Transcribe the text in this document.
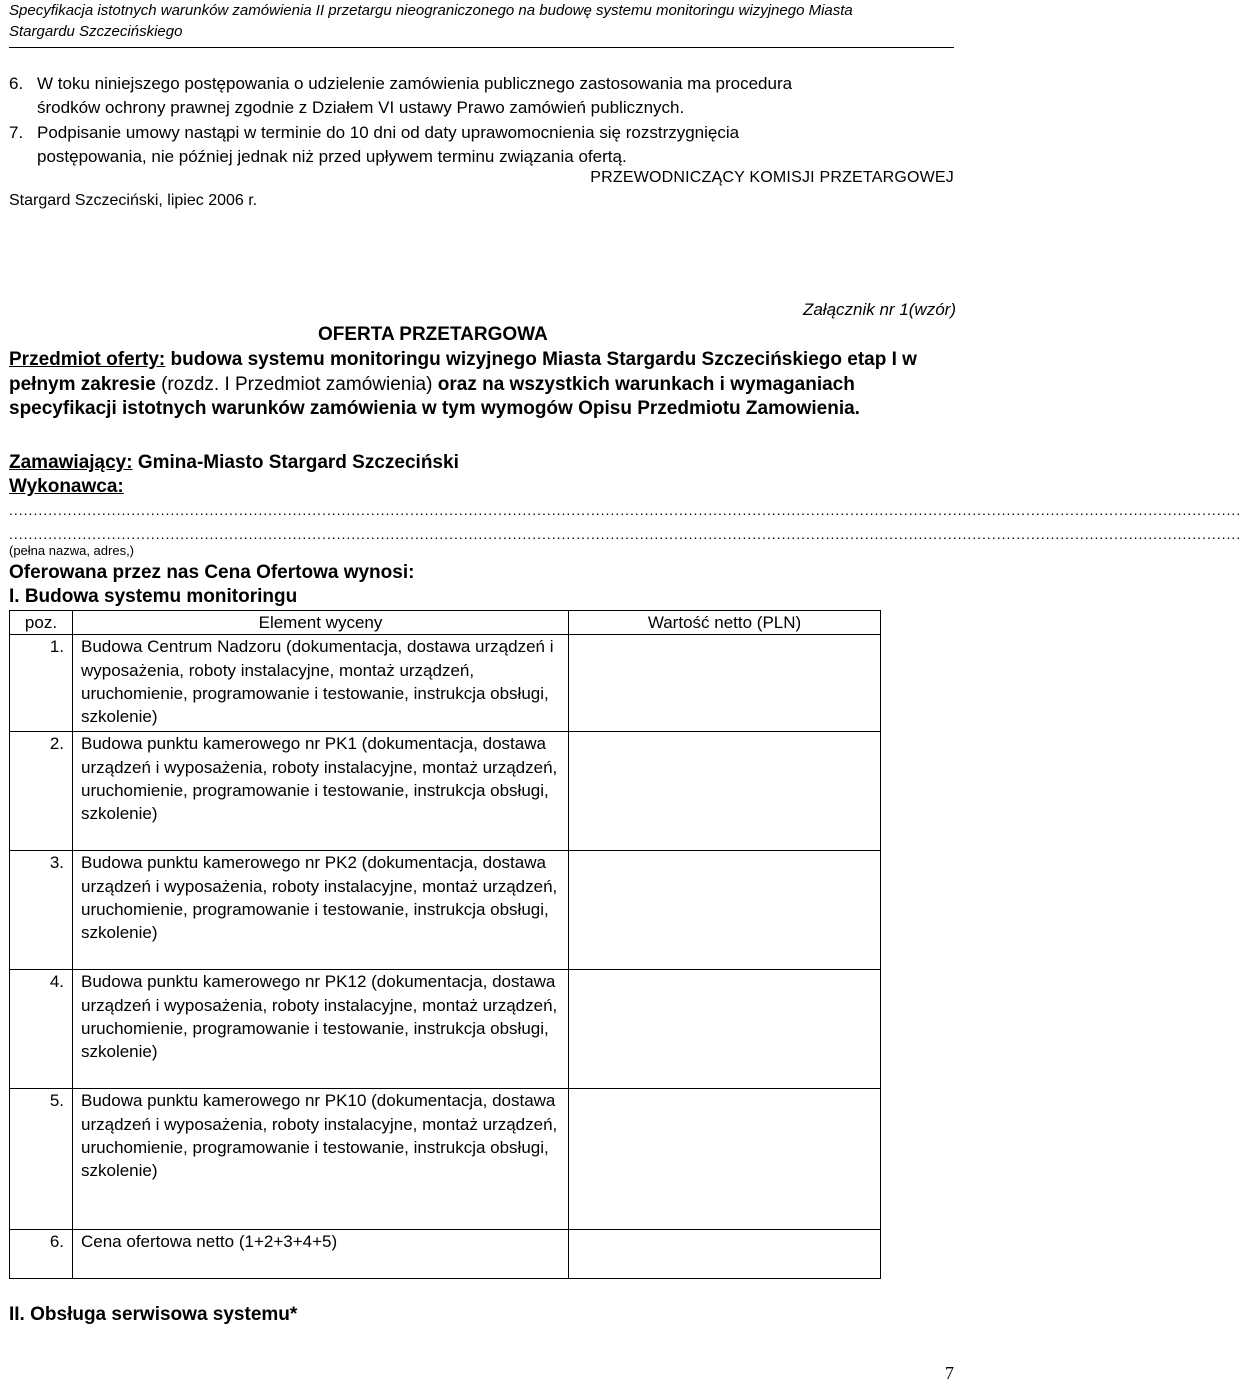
Specyfikacja istotnych warunków zamówienia II przetargu nieograniczonego na budowę systemu monitoringu wizyjnego Miasta
Stargardu Szczecińskiego
6. W toku niniejszego postępowania o udzielenie zamówienia publicznego zastosowania ma procedura
środków ochrony prawnej zgodnie z Działem VI ustawy Prawo zamówień publicznych.
7. Podpisanie umowy nastąpi w terminie do 10 dni od daty uprawomocnienia się rozstrzygnięcia
postępowania, nie później jednak niż przed upływem terminu związania ofertą.
PRZEWODNICZĄCY KOMISJI PRZETARGOWEJ
Stargard Szczeciński, lipiec 2006 r.
Załącznik nr 1(wzór)
OFERTA PRZETARGOWA
Przedmiot oferty: budowa systemu monitoringu wizyjnego Miasta Stargardu Szczecińskiego etap I w pełnym zakresie (rozdz. I Przedmiot zamówienia) oraz na wszystkich warunkach i wymaganiach specyfikacji istotnych warunków zamówienia w tym wymogów Opisu Przedmiotu Zamowienia.
Zamawiający: Gmina-Miasto Stargard Szczeciński
Wykonawca:
............................................................................................................................................................................................................................................................
............................................................................................................................................................................................................................................................
(pełna nazwa, adres,)
Oferowana przez nas Cena Ofertowa wynosi:
I. Budowa systemu monitoringu
poz.	Element wyceny	Wartość netto (PLN)
1.	Budowa Centrum Nadzoru (dokumentacja, dostawa urządzeń i wyposażenia, roboty instalacyjne, montaż urządzeń, uruchomienie, programowanie i testowanie, instrukcja obsługi, szkolenie)	
2.	Budowa punktu kamerowego nr PK1 (dokumentacja, dostawa urządzeń i wyposażenia, roboty instalacyjne, montaż urządzeń, uruchomienie, programowanie i testowanie, instrukcja obsługi, szkolenie)	
3.	Budowa punktu kamerowego nr PK2 (dokumentacja, dostawa urządzeń i wyposażenia, roboty instalacyjne, montaż urządzeń, uruchomienie, programowanie i testowanie, instrukcja obsługi, szkolenie)	
4.	Budowa punktu kamerowego nr PK12 (dokumentacja, dostawa urządzeń i wyposażenia, roboty instalacyjne, montaż urządzeń, uruchomienie, programowanie i testowanie, instrukcja obsługi, szkolenie)	
5.	Budowa punktu kamerowego nr PK10 (dokumentacja, dostawa urządzeń i wyposażenia, roboty instalacyjne, montaż urządzeń, uruchomienie, programowanie i testowanie, instrukcja obsługi, szkolenie)	
6.	Cena ofertowa netto (1+2+3+4+5)	
II. Obsługa serwisowa systemu*
7
